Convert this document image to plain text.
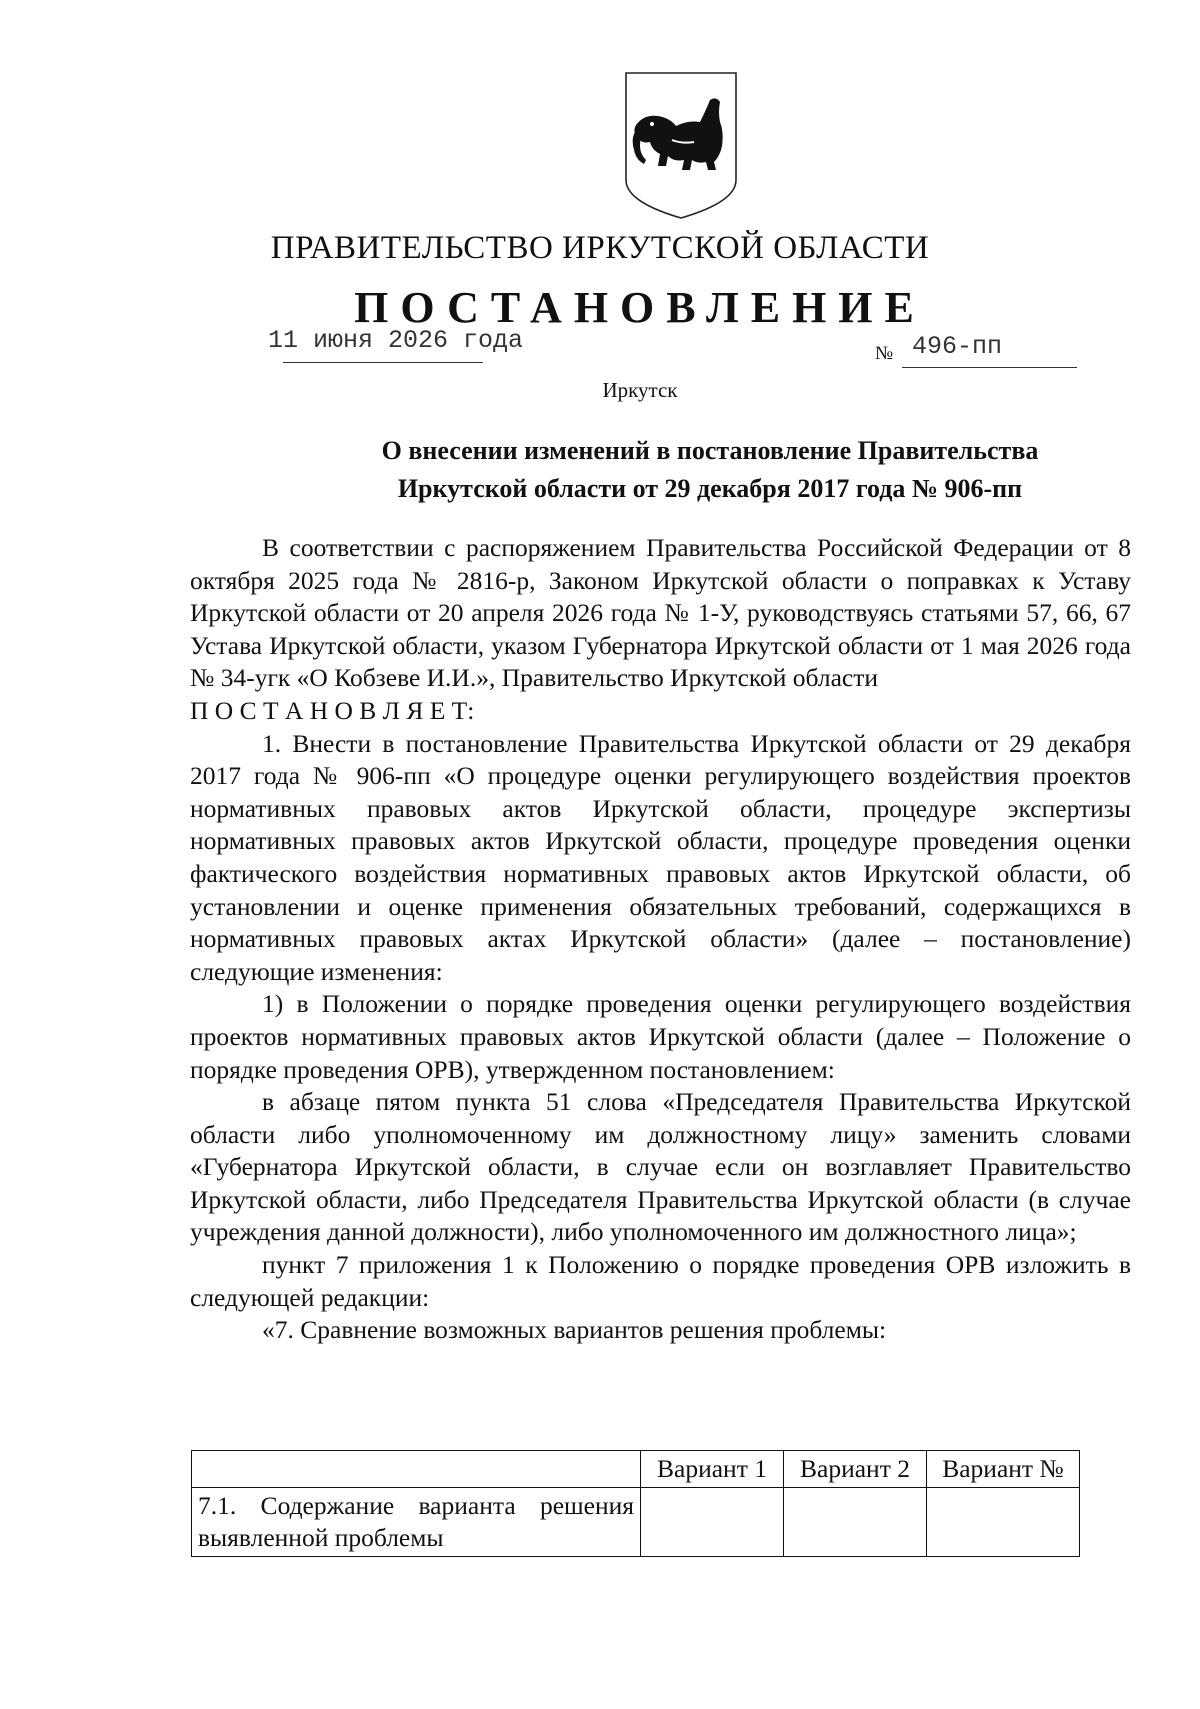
ПРАВИТЕЛЬСТВО ИРКУТСКОЙ ОБЛАСТИ
ПОСТАНОВЛЕНИЕ
11 июня 2026 года	№ 496-пп
Иркутск
О внесении изменений в постановление Правительства
Иркутской области от 29 декабря 2017 года № 906-пп

В соответствии с распоряжением Правительства Российской Федерации от 8 октября 2025 года № 2816-р, Законом Иркутской области о поправках к Уставу Иркутской области от 20 апреля 2026 года № 1-У, руководствуясь статьями 57, 66, 67 Устава Иркутской области, указом Губернатора Иркутской области от 1 мая 2026 года № 34-угк «О Кобзеве И.И.», Правительство Иркутской области

П О С Т А Н О В Л Я Е Т:

1. Внести в постановление Правительства Иркутской области от 29 декабря 2017 года № 906-пп «О процедуре оценки регулирующего воздействия проектов нормативных правовых актов Иркутской области, процедуре экспертизы нормативных правовых актов Иркутской области, процедуре проведения оценки фактического воздействия нормативных правовых актов Иркутской области, об установлении и оценке применения обязательных требований, содержащихся в нормативных правовых актах Иркутской области» (далее – постановление) следующие изменения:

1) в Положении о порядке проведения оценки регулирующего воздействия проектов нормативных правовых актов Иркутской области (далее – Положение о порядке проведения ОРВ), утвержденном постановлением:

в абзаце пятом пункта 51 слова «Председателя Правительства Иркутской области либо уполномоченному им должностному лицу» заменить словами «Губернатора Иркутской области, в случае если он возглавляет Правительство Иркутской области, либо Председателя Правительства Иркутской области (в случае учреждения данной должности), либо уполномоченного им должностного лица»;

пункт 7 приложения 1 к Положению о порядке проведения ОРВ изложить в следующей редакции:

«7. Сравнение возможных вариантов решения проблемы:

	Вариант 1	Вариант 2	Вариант №
7.1. Содержание варианта решения выявленной проблемы			
